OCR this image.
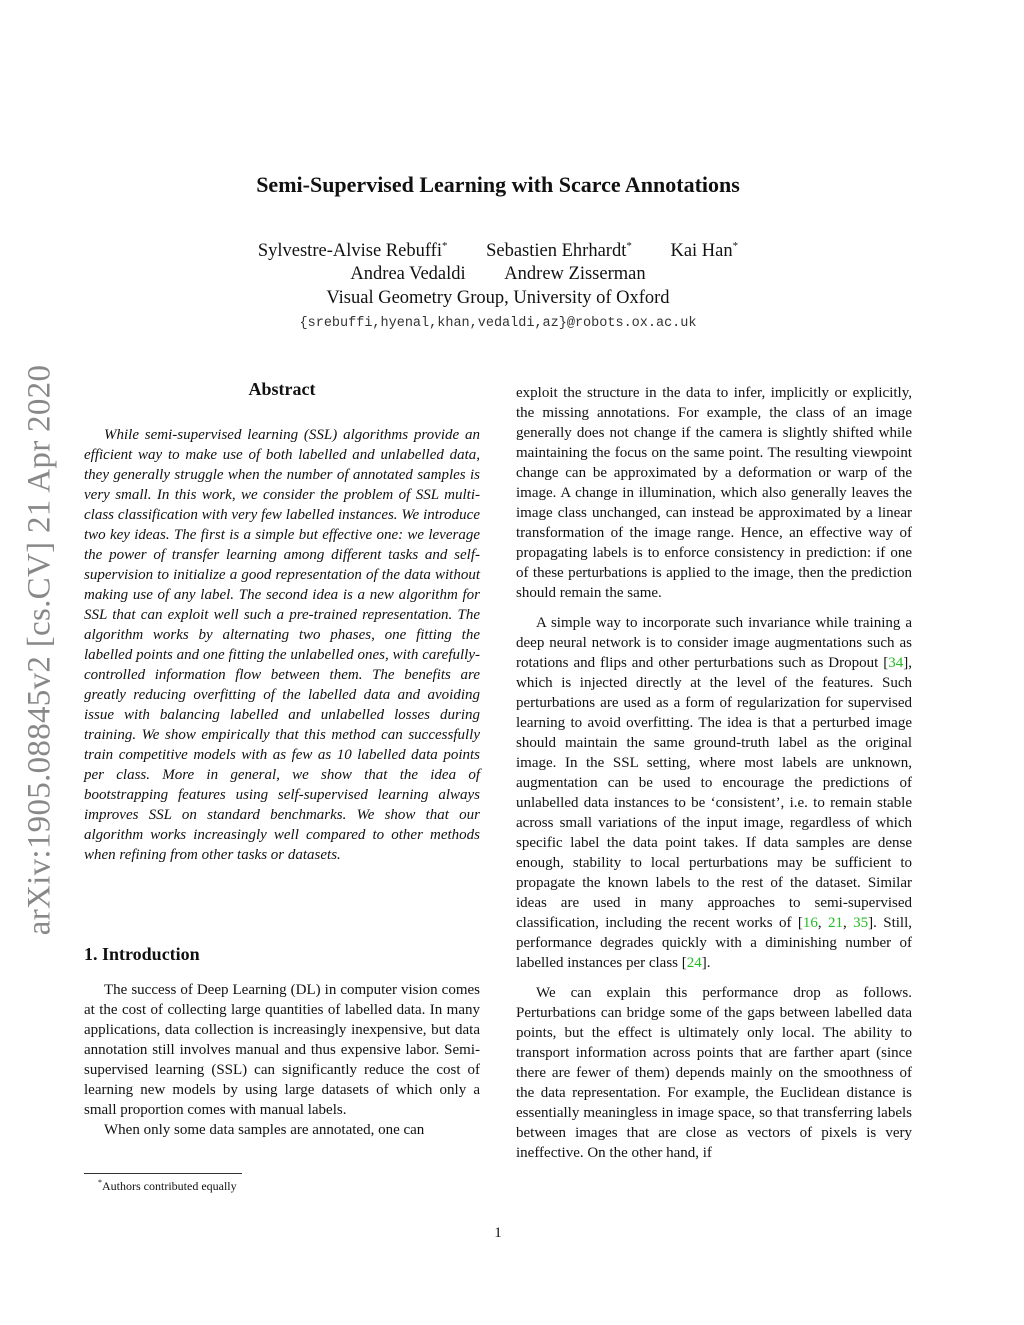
Semi-Supervised Learning with Scarce Annotations
Sylvestre-Alvise Rebuffi* Sebastien Ehrhardt* Kai Han*
Andrea Vedaldi Andrew Zisserman
Visual Geometry Group, University of Oxford
{srebuffi,hyenal,khan,vedaldi,az}@robots.ox.ac.uk
arXiv:1905.08845v2 [cs.CV] 21 Apr 2020	Abstract

While semi-supervised learning (SSL) algorithms provide an efficient way to make use of both labelled and unlabelled data, they generally struggle when the number of annotated samples is very small. In this work, we consider the problem of SSL multi-class classification with very few labelled instances. We introduce two key ideas. The first is a simple but effective one: we leverage the power of transfer learning among different tasks and self-supervision to initialize a good representation of the data without making use of any label. The second idea is a new algorithm for SSL that can exploit well such a pre-trained representation. The algorithm works by alternating two phases, one fitting the labelled points and one fitting the unlabelled ones, with carefully-controlled information flow between them. The benefits are greatly reducing overfitting of the labelled data and avoiding issue with balancing labelled and unlabelled losses during training. We show empirically that this method can successfully train competitive models with as few as 10 labelled data points per class. More in general, we show that the idea of bootstrapping features using self-supervised learning always improves SSL on standard benchmarks. We show that our algorithm works increasingly well compared to other methods when refining from other tasks or datasets.

1. Introduction

The success of Deep Learning (DL) in computer vision comes at the cost of collecting large quantities of labelled data. In many applications, data collection is increasingly inexpensive, but data annotation still involves manual and thus expensive labor. Semi-supervised learning (SSL) can significantly reduce the cost of learning new models by using large datasets of which only a small proportion comes with manual labels.

When only some data samples are annotated, one can

*Authors contributed equally

exploit the structure in the data to infer, implicitly or explicitly, the missing annotations. For example, the class of an image generally does not change if the camera is slightly shifted while maintaining the focus on the same point. The resulting viewpoint change can be approximated by a deformation or warp of the image. A change in illumination, which also generally leaves the image class unchanged, can instead be approximated by a linear transformation of the image range. Hence, an effective way of propagating labels is to enforce consistency in prediction: if one of these perturbations is applied to the image, then the prediction should remain the same.

A simple way to incorporate such invariance while training a deep neural network is to consider image augmentations such as rotations and flips and other perturbations such as Dropout [34], which is injected directly at the level of the features. Such perturbations are used as a form of regularization for supervised learning to avoid overfitting. The idea is that a perturbed image should maintain the same ground-truth label as the original image. In the SSL setting, where most labels are unknown, augmentation can be used to encourage the predictions of unlabelled data instances to be ‘consistent’, i.e. to remain stable across small variations of the input image, regardless of which specific label the data point takes. If data samples are dense enough, stability to local perturbations may be sufficient to propagate the known labels to the rest of the dataset. Similar ideas are used in many approaches to semi-supervised classification, including the recent works of [16, 21, 35]. Still, performance degrades quickly with a diminishing number of labelled instances per class [24].

We can explain this performance drop as follows. Perturbations can bridge some of the gaps between labelled data points, but the effect is ultimately only local. The ability to transport information across points that are farther apart (since there are fewer of them) depends mainly on the smoothness of the data representation. For example, the Euclidean distance is essentially meaningless in image space, so that transferring labels between images that are close as vectors of pixels is very ineffective. On the other hand, if

1
